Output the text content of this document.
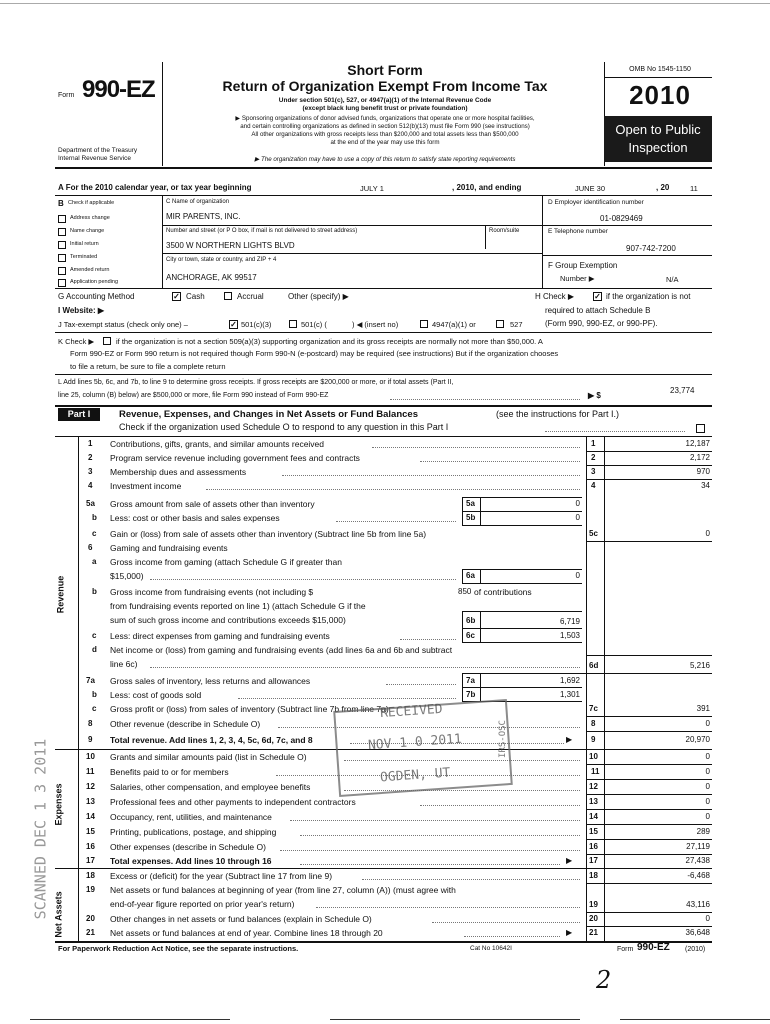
Form 990-EZ
Department of the Treasury
Internal Revenue Service
Short Form
Return of Organization Exempt From Income Tax
Under section 501(c), 527, or 4947(a)(1) of the Internal Revenue Code
(except black lung benefit trust or private foundation)
▶ Sponsoring organizations of donor advised funds, organizations that operate one or more hospital facilities,
and certain controlling organizations as defined in section 512(b)(13) must file Form 990 (see instructions)
All other organizations with gross receipts less than $200,000 and total assets less than $500,000
at the end of the year may use this form
▶ The organization may have to use a copy of this return to satisfy state reporting requirements
OMB No 1545-1150
2010
Open to Public
Inspection
A For the 2010 calendar year, or tax year beginning	JULY 1	, 2010, and ending	JUNE 30	, 20	11
B Check if applicable
Address change
Name change
Initial return
Terminated
Amended return
Application pending
C Name of organization
MIR PARENTS, INC.
Number and street (or P O box, if mail is not delivered to street address)	Room/suite
3500 W NORTHERN LIGHTS BLVD
City or town, state or country, and ZIP + 4
ANCHORAGE, AK 99517
D Employer identification number
01-0829469
E Telephone number
907-742-7200
F Group Exemption
Number ▶	N/A
G Accounting Method	✓ Cash	Accrual	Other (specify) ▶	H Check ▶	✓ if the organization is not
required to attach Schedule B
(Form 990, 990-EZ, or 990-PF).
I Website: ▶
J Tax-exempt status (check only one) –	✓ 501(c)(3)	501(c) (	) ◀ (insert no)	4947(a)(1) or	527
K Check ▶	if the organization is not a section 509(a)(3) supporting organization and its gross receipts are normally not more than $50,000. A
Form 990-EZ or Form 990 return is not required though Form 990-N (e-postcard) may be required (see instructions) But if the organization chooses
to file a return, be sure to file a complete return
L Add lines 5b, 6c, and 7b, to line 9 to determine gross receipts. If gross receipts are $200,000 or more, or if total assets (Part II,
line 25, column (B) below) are $500,000 or more, file Form 990 instead of Form 990-EZ	▶ $
23,774
Part I	Revenue, Expenses, and Changes in Net Assets or Fund Balances	(see the instructions for Part I.)
Check if the organization used Schedule O to respond to any question in this Part I
Revenue
Expenses
Net Assets
1 Contributions, gifts, grants, and similar amounts received	1	12,187
2 Program service revenue including government fees and contracts	2	2,172
3 Membership dues and assessments	3	970
4 Investment income	4	34
5a Gross amount from sale of assets other than inventory	5a	0
b Less: cost or other basis and sales expenses	5b	0
c Gain or (loss) from sale of assets other than inventory (Subtract line 5b from line 5a)	5c	0
6 Gaming and fundraising events
a Gross income from gaming (attach Schedule G if greater than
$15,000)	6a	0
b Gross income from fundraising events (not including $	850 of contributions
from fundraising events reported on line 1) (attach Schedule G if the
sum of such gross income and contributions exceeds $15,000)	6b	6,719
c Less: direct expenses from gaming and fundraising events	6c	1,503
d Net income or (loss) from gaming and fundraising events (add lines 6a and 6b and subtract
line 6c)	6d	5,216
7a Gross sales of inventory, less returns and allowances	7a	1,692
b Less: cost of goods sold	7b	1,301
c Gross profit or (loss) from sales of inventory (Subtract line 7b from line 7a)	7c	391
8 Other revenue (describe in Schedule O)	8	0
9 Total revenue. Add lines 1, 2, 3, 4, 5c, 6d, 7c, and 8	▶ 9	20,970
10 Grants and similar amounts paid (list in Schedule O)	10	0
11 Benefits paid to or for members	11	0
12 Salaries, other compensation, and employee benefits	12	0
13 Professional fees and other payments to independent contractors	13	0
14 Occupancy, rent, utilities, and maintenance	14	0
15 Printing, publications, postage, and shipping	15	289
16 Other expenses (describe in Schedule O)	16	27,119
17 Total expenses. Add lines 10 through 16	▶ 17	27,438
18 Excess or (deficit) for the year (Subtract line 17 from line 9)	18	-6,468
19 Net assets or fund balances at beginning of year (from line 27, column (A)) (must agree with
end-of-year figure reported on prior year's return)	19	43,116
20 Other changes in net assets or fund balances (explain in Schedule O)	20	0
21 Net assets or fund balances at end of year. Combine lines 18 through 20	▶ 21	36,648
For Paperwork Reduction Act Notice, see the separate instructions.	Cat No 10642I	Form 990-EZ (2010)
2
RECEIVED
NOV 1 0 2011
OGDEN, UT
IRS-OSC
SCANNED DEC 1 3 2011
